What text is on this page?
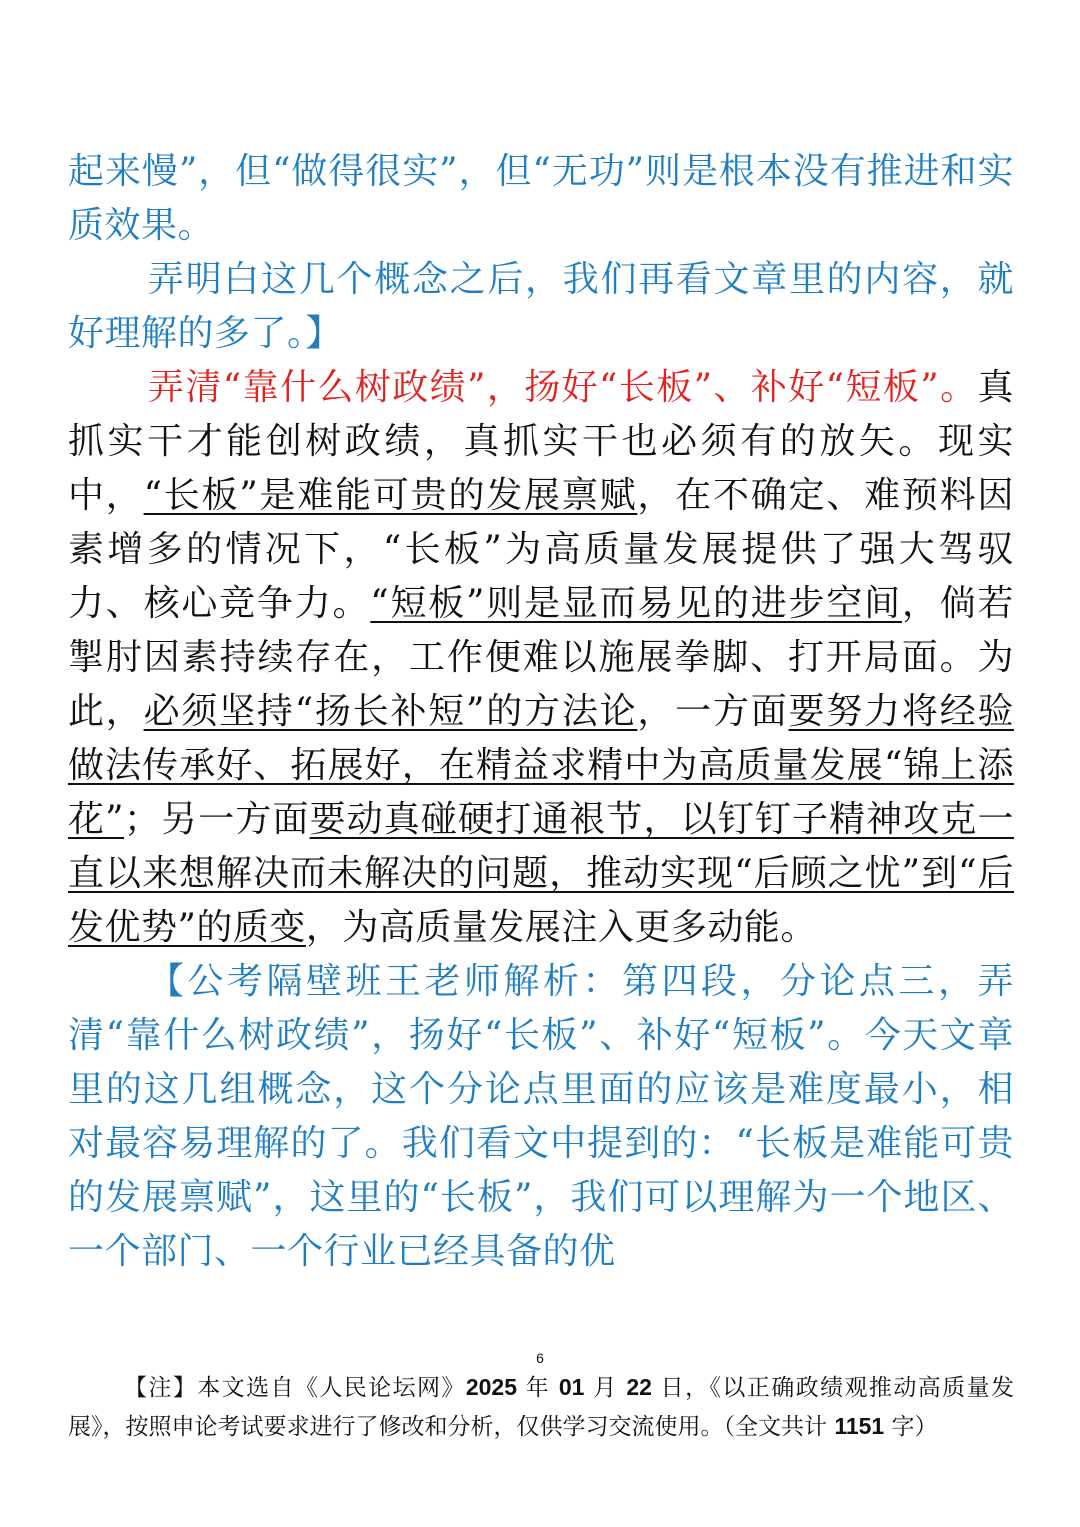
起来慢”，但“做得很实”，但“无功”则是根本没有推进和实质效果。

弄明白这几个概念之后，我们再看文章里的内容，就好理解的多了。】

弄清“靠什么树政绩”，扬好“长板”、补好“短板”。真抓实干才能创树政绩，真抓实干也必须有的放矢。现实中，“长板”是难能可贵的发展禀赋，在不确定、难预料因素增多的情况下，“长板”为高质量发展提供了强大驾驭力、核心竞争力。“短板”则是显而易见的进步空间，倘若掣肘因素持续存在，工作便难以施展拳脚、打开局面。为此，必须坚持“扬长补短”的方法论，一方面要努力将经验做法传承好、拓展好，在精益求精中为高质量发展“锦上添花”；另一方面要动真碰硬打通裉节，以钉钉子精神攻克一直以来想解决而未解决的问题，推动实现“后顾之忧”到“后发优势”的质变，为高质量发展注入更多动能。

【公考隔壁班王老师解析：第四段，分论点三，弄清“靠什么树政绩”，扬好“长板”、补好“短板”。今天文章里的这几组概念，这个分论点里面的应该是难度最小，相对最容易理解的了。我们看文中提到的：“长板是难能可贵的发展禀赋”，这里的“长板”，我们可以理解为一个地区、一个部门、一个行业已经具备的优

6
【注】本文选自《人民论坛网》2025 年 01 月 22 日，《以正确政绩观推动高质量发展》，按照申论考试要求进行了修改和分析，仅供学习交流使用。（全文共计 1151 字）
